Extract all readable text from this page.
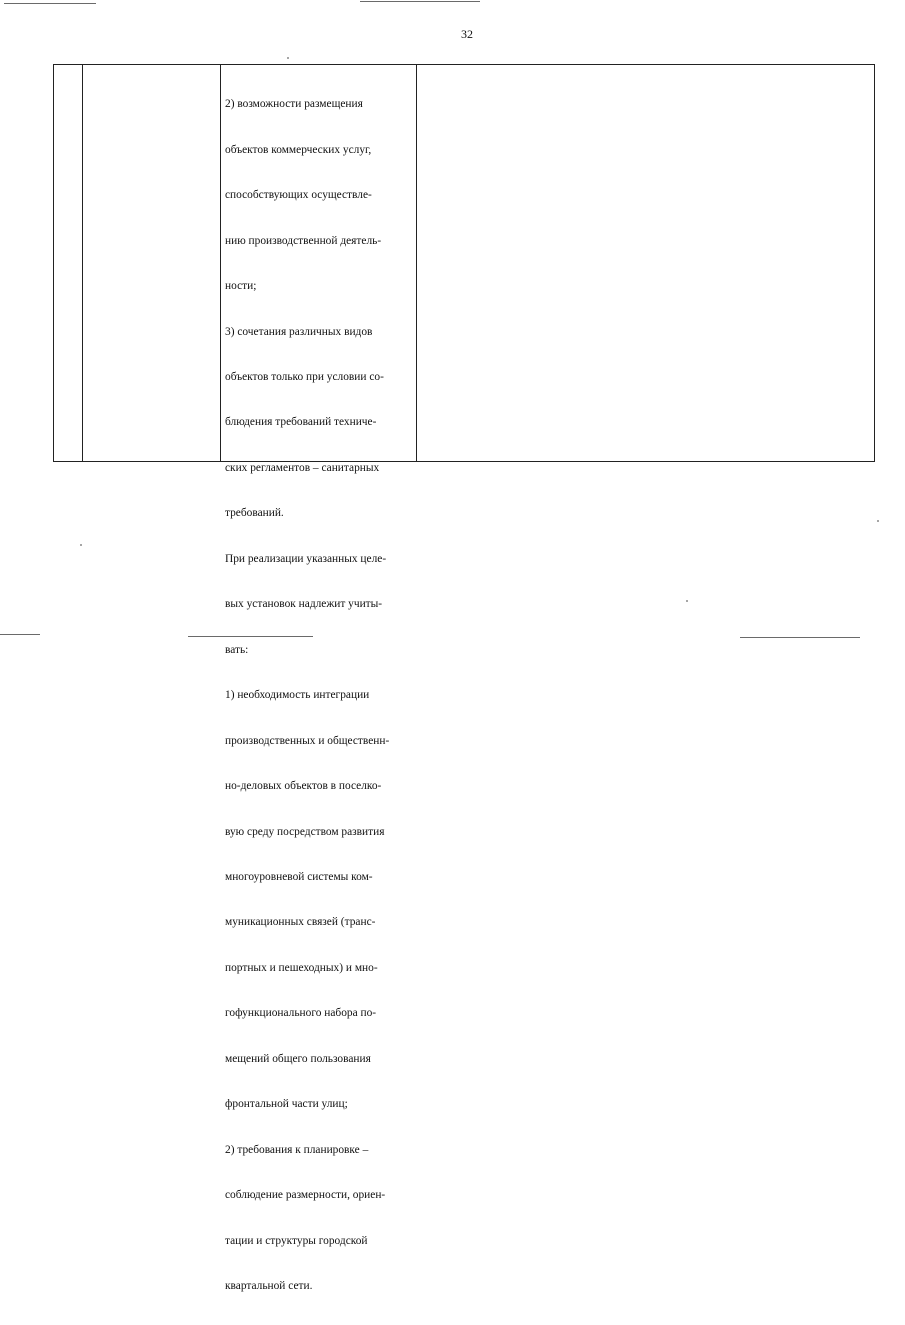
32

2) возможности размещения

объектов коммерческих услуг,

способствующих осуществле-

нию производственной деятель-

ности;

3) сочетания различных видов

объектов только при условии со-

блюдения требований техниче-

ских регламентов – санитарных

требований.

При реализации указанных целе-

вых установок надлежит учиты-

вать:

1) необходимость интеграции

производственных и общественн-

но-деловых объектов в поселко-

вую среду посредством развития

многоуровневой системы ком-

муникационных связей (транс-

портных и пешеходных) и мно-

гофункционального набора по-

мещений общего пользования

фронтальной части улиц;

2) требования к планировке –

соблюдение размерности, ориен-

тации и структуры городской

квартальной сети.
